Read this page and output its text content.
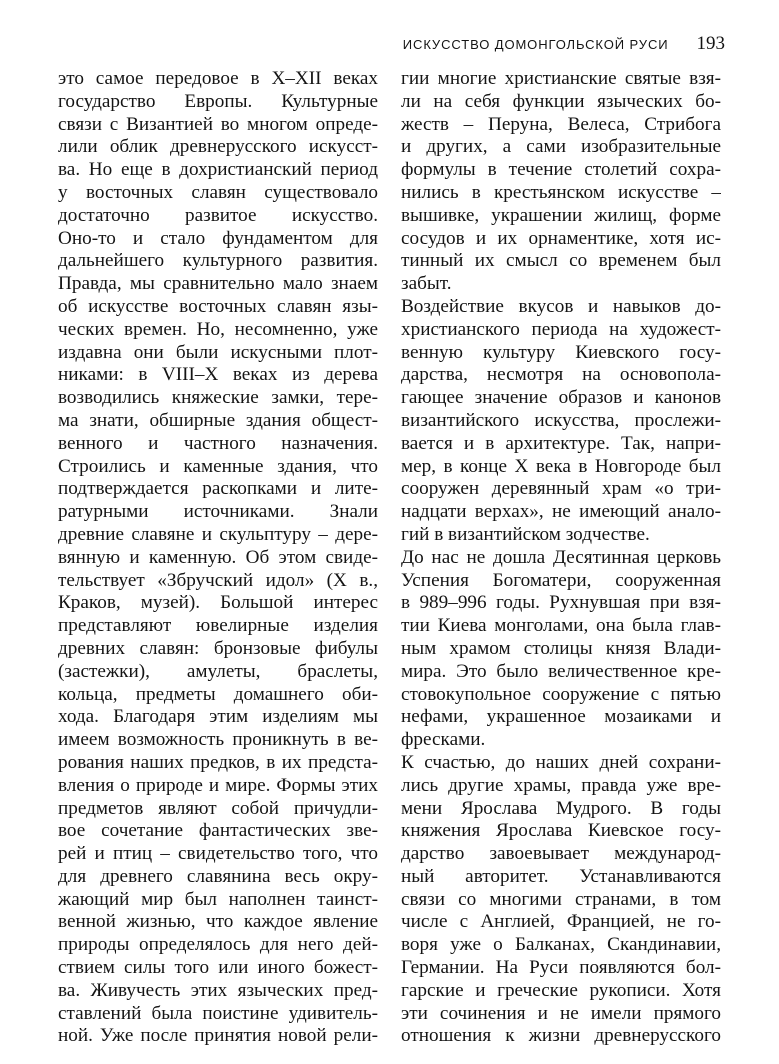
ИСКУССТВО ДОМОНГОЛЬСКОЙ РУСИ 193
это самое передовое в X–XII веках
государство Европы. Культурные
связи с Византией во многом опреде-
лили облик древнерусского искусст-
ва. Но еще в дохристианский период
у восточных славян существовало
достаточно развитое искусство.
Оно-то и стало фундаментом для
дальнейшего культурного развития.
Правда, мы сравнительно мало знаем
об искусстве восточных славян язы-
ческих времен. Но, несомненно, уже
издавна они были искусными плот-
никами: в VIII–X веках из дерева
возводились княжеские замки, тере-
ма знати, обширные здания общест-
венного и частного назначения.
Строились и каменные здания, что
подтверждается раскопками и лите-
ратурными источниками. Знали
древние славяне и скульптуру – дере-
вянную и каменную. Об этом свиде-
тельствует «Збручский идол» (X в.,
Краков, музей). Большой интерес
представляют ювелирные изделия
древних славян: бронзовые фибулы
(застежки), амулеты, браслеты,
кольца, предметы домашнего оби-
хода. Благодаря этим изделиям мы
имеем возможность проникнуть в ве-
рования наших предков, в их предста-
вления о природе и мире. Формы этих
предметов являют собой причудли-
вое сочетание фантастических зве-
рей и птиц – свидетельство того, что
для древнего славянина весь окру-
жающий мир был наполнен таинст-
венной жизнью, что каждое явление
природы определялось для него дей-
ствием силы того или иного божест-
ва. Живучесть этих языческих пред-
ставлений была поистине удивитель-
ной. Уже после принятия новой рели-
гии многие христианские святые взя-
ли на себя функции языческих бо-
жеств – Перуна, Велеса, Стрибога
и других, а сами изобразительные
формулы в течение столетий сохра-
нились в крестьянском искусстве –
вышивке, украшении жилищ, форме
сосудов и их орнаментике, хотя ис-
тинный их смысл со временем был
забыт.
Воздействие вкусов и навыков до-
христианского периода на художест-
венную культуру Киевского госу-
дарства, несмотря на основопола-
гающее значение образов и канонов
византийского искусства, прослежи-
вается и в архитектуре. Так, напри-
мер, в конце X века в Новгороде был
сооружен деревянный храм «о три-
надцати верхах», не имеющий анало-
гий в византийском зодчестве.
До нас не дошла Десятинная церковь
Успения Богоматери, сооруженная
в 989–996 годы. Рухнувшая при взя-
тии Киева монголами, она была глав-
ным храмом столицы князя Влади-
мира. Это было величественное кре-
стовокупольное сооружение с пятью
нефами, украшенное мозаиками и
фресками.
К счастью, до наших дней сохрани-
лись другие храмы, правда уже вре-
мени Ярослава Мудрого. В годы
княжения Ярослава Киевское госу-
дарство завоевывает международ-
ный авторитет. Устанавливаются
связи со многими странами, в том
числе с Англией, Францией, не го-
воря уже о Балканах, Скандинавии,
Германии. На Руси появляются бол-
гарские и греческие рукописи. Хотя
эти сочинения и не имели прямого
отношения к жизни древнерусского
